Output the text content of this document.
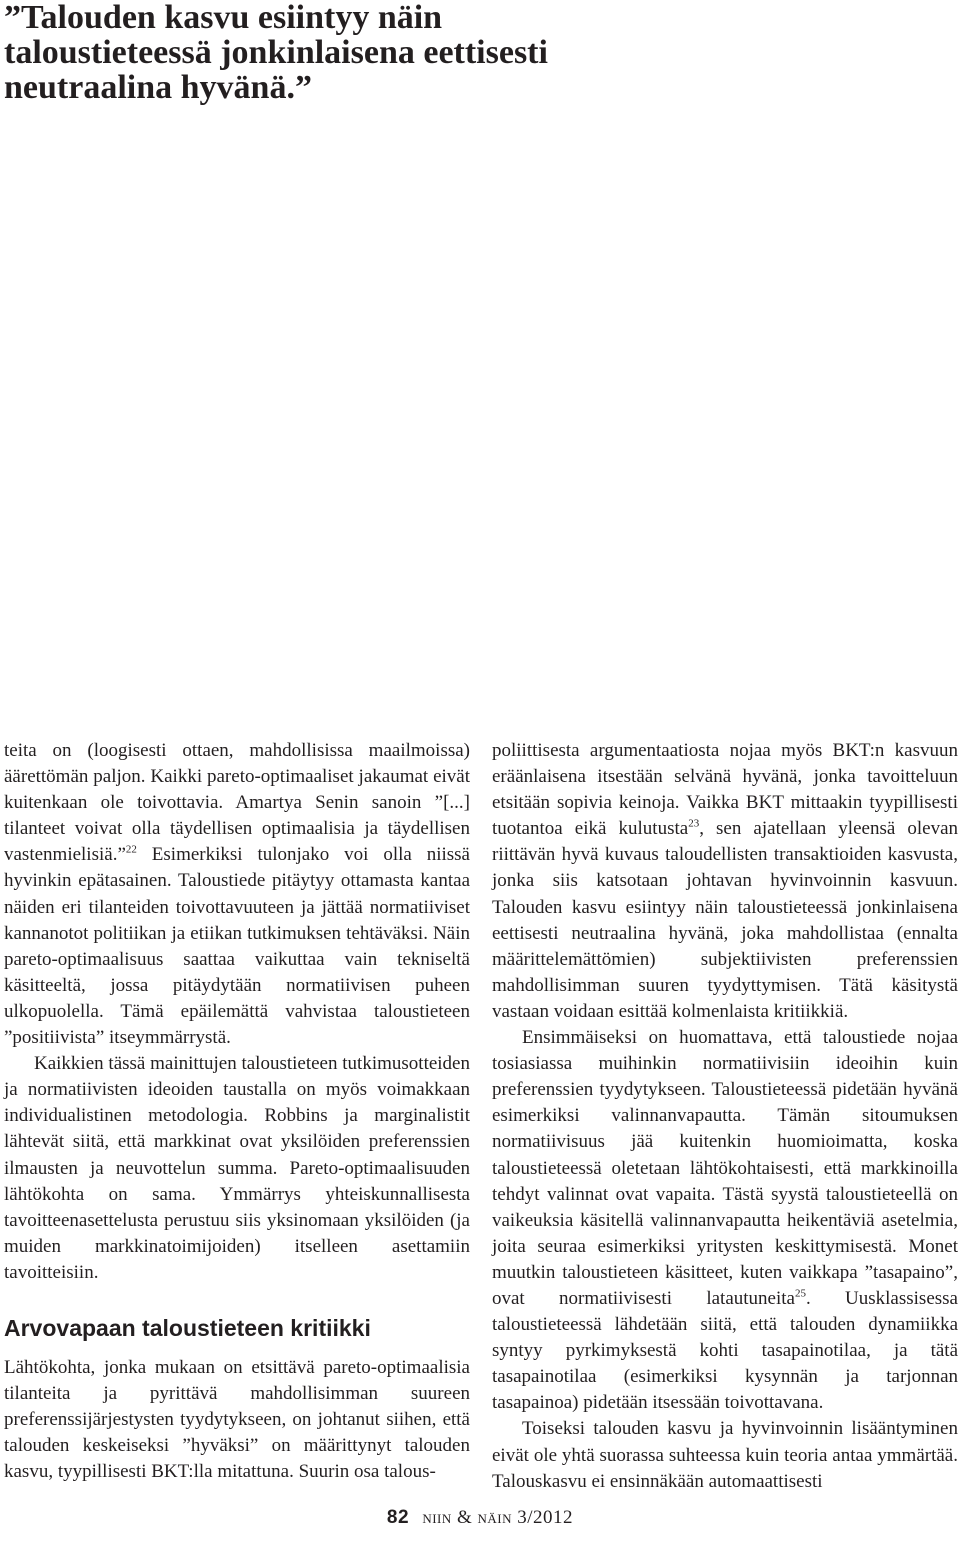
”Talouden kasvu esiintyy näin taloustieteessä jonkinlaisena eettisesti neutraalina hyvänä.”

teita on (loogisesti ottaen, mahdollisissa maailmoissa) äärettömän paljon. Kaikki pareto-optimaaliset jakaumat eivät kuitenkaan ole toivottavia. Amartya Senin sanoin ”[...] tilanteet voivat olla täydellisen optimaalisia ja täydellisen vastenmielisiä.”$^{22}$ Esimerkiksi tulonjako voi olla niissä hyvinkin epätasainen. Taloustiede pitäytyy ottamasta kantaa näiden eri tilanteiden toivottavuuteen ja jättää normatiiviset kannanotot politiikan ja etiikan tutkimuksen tehtäväksi. Näin pareto-optimaalisuus saattaa vaikuttaa vain tekniseltä käsitteeltä, jossa pitäydytään normatiivisen puheen ulkopuolella. Tämä epäilemättä vahvistaa taloustieteen ”positiivista” itseymmärrystä.

Kaikkien tässä mainittujen taloustieteen tutkimusotteiden ja normatiivisten ideoiden taustalla on myös voimakkaan individualistinen metodologia. Robbins ja marginalistit lähtevät siitä, että markkinat ovat yksilöiden preferenssien ilmausten ja neuvottelun summa. Pareto-optimaalisuuden lähtökohta on sama. Ymmärrys yhteiskunnallisesta tavoitteenasettelusta perustuu siis yksinomaan yksilöiden (ja muiden markkinatoimijoiden) itselleen asettamiin tavoitteisiin.

Arvovapaan taloustieteen kritiikki

Lähtökohta, jonka mukaan on etsittävä pareto-optimaalisia tilanteita ja pyrittävä mahdollisimman suureen preferenssijärjestysten tyydytykseen, on johtanut siihen, että talouden keskeiseksi ”hyväksi” on määrittynyt talouden kasvu, tyypillisesti BKT:lla mitattuna. Suurin osa talous-

poliittisesta argumentaatiosta nojaa myös BKT:n kasvuun eräänlaisena itsestään selvänä hyvänä, jonka tavoitteluun etsitään sopivia keinoja. Vaikka BKT mittaakin tyypillisesti tuotantoa eikä kulutusta$^{23}$, sen ajatellaan yleensä olevan riittävän hyvä kuvaus taloudellisten transaktioiden kasvusta, jonka siis katsotaan johtavan hyvinvoinnin kasvuun. Talouden kasvu esiintyy näin taloustieteessä jonkinlaisena eettisesti neutraalina hyvänä, joka mahdollistaa (ennalta määrittelemättömien) subjektiivisten preferenssien mahdollisimman suuren tyydyttymisen. Tätä käsitystä vastaan voidaan esittää kolmenlaista kritiikkiä.

Ensimmäiseksi on huomattava, että taloustiede nojaa tosiasiassa muihinkin normatiivisiin ideoihin kuin preferenssien tyydytykseen. Taloustieteessä pidetään hyvänä esimerkiksi valinnanvapautta. Tämän sitoumuksen normatiivisuus jää kuitenkin huomioimatta, koska taloustieteessä oletetaan lähtökohtaisesti, että markkinoilla tehdyt valinnat ovat vapaita. Tästä syystä taloustieteellä on vaikeuksia käsitellä valinnanvapautta heikentäviä asetelmia, joita seuraa esimerkiksi yritysten keskittymisestä. Monet muutkin taloustieteen käsitteet, kuten vaikkapa ”tasapaino”, ovat normatiivisesti latautuneita$^{25}$. Uusklassisessa taloustieteessä lähdetään siitä, että talouden dynamiikka syntyy pyrkimyksestä kohti tasapainotilaa, ja tätä tasapainotilaa (esimerkiksi kysynnän ja tarjonnan tasapainoa) pidetään itsessään toivottavana.

Toiseksi talouden kasvu ja hyvinvoinnin lisääntyminen eivät ole yhtä suorassa suhteessa kuin teoria antaa ymmärtää. Talouskasvu ei ensinnäkään automaattisesti

82 niin & näin 3/2012
